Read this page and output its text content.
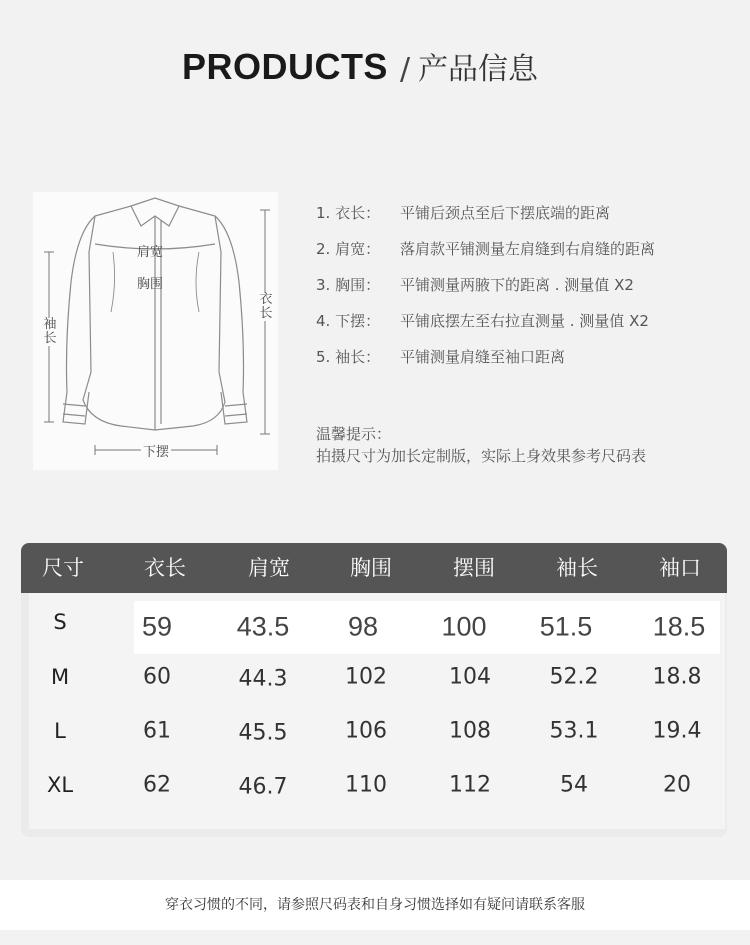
PRODUCTS / 产品信息
肩宽
胸围
袖长
衣长
下摆
1. 衣长： 平铺后颈点至后下摆底端的距离
2. 肩宽： 落肩款平铺测量左肩缝到右肩缝的距离
3. 胸围： 平铺测量两腋下的距离 . 测量值 X2
4. 下摆： 平铺底摆左至右拉直测量 . 测量值 X2
5. 袖长： 平铺测量肩缝至袖口距离
温馨提示：
拍摄尺寸为加长定制版，实际上身效果参考尺码表
尺寸	衣长	肩宽	胸围	摆围	袖长	袖口
S	59 43.5 98 100 51.5 18.5
M	60	44.3	102	104	52.2 18.8
L	61	45.5	106	108	53.1 19.4
XL	62	46.7	110	112	54	20
穿衣习惯的不同，请参照尺码表和自身习惯选择如有疑问请联系客服
